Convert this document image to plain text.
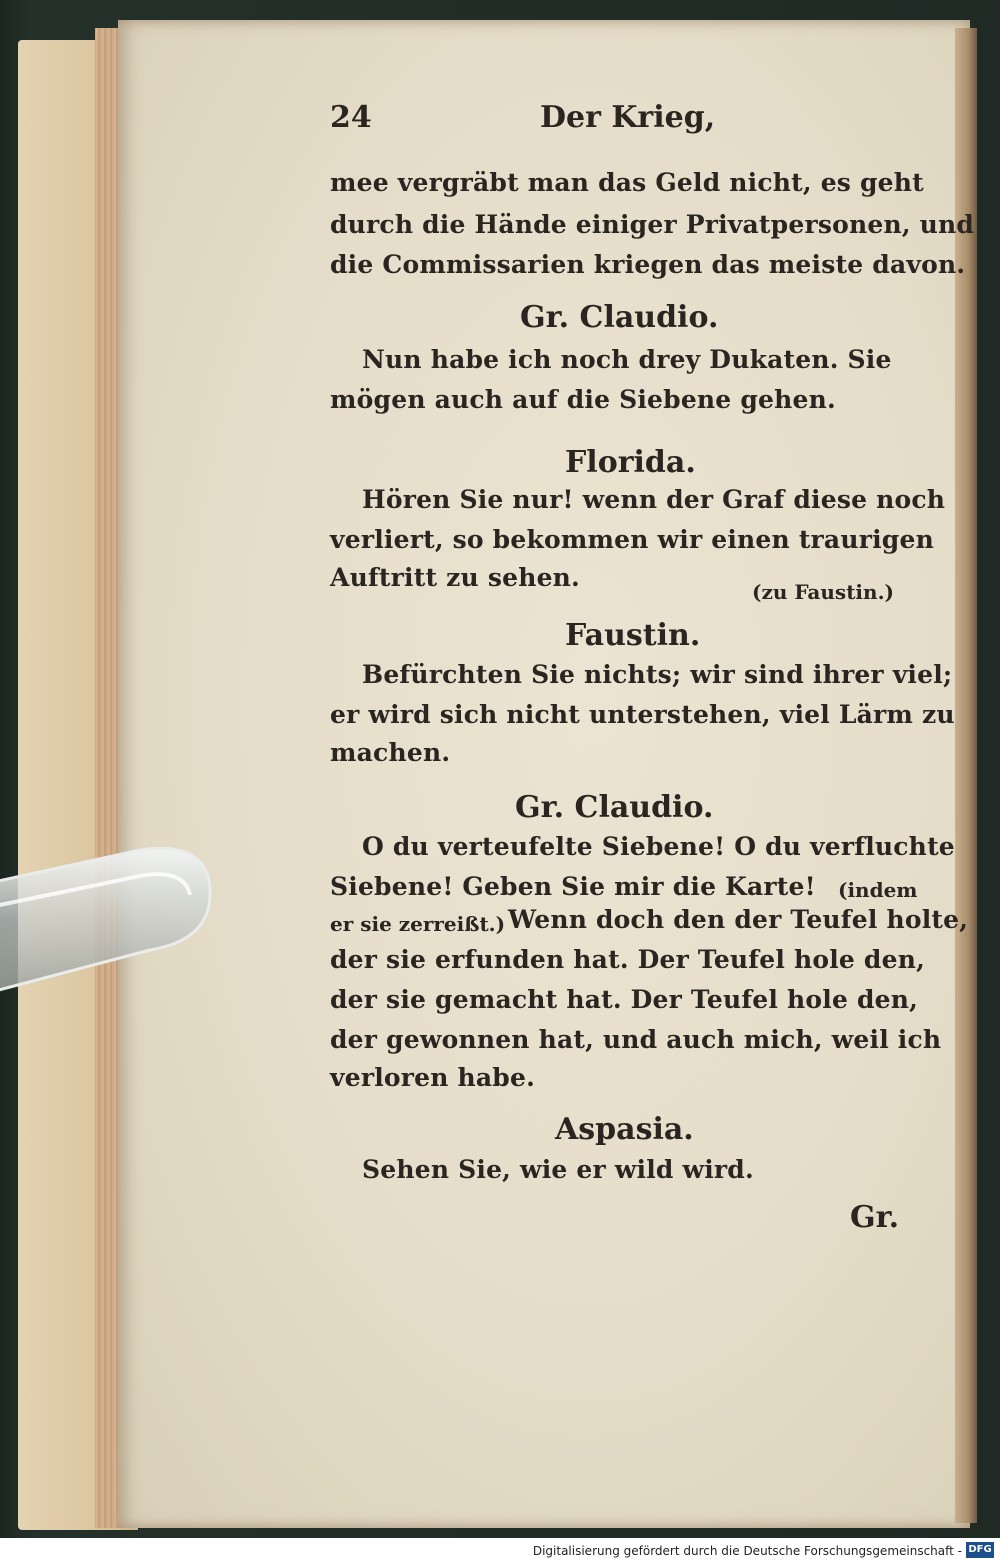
24	Der Krieg,
mee vergräbt man das Geld nicht, es geht
durch die Hände einiger Privatpersonen, und
die Commissarien kriegen das meiste davon.
Gr. Claudio.
Nun habe ich noch drey Dukaten. Sie
mögen auch auf die Siebene gehen.
Florida.
Hören Sie nur! wenn der Graf diese noch
verliert, so bekommen wir einen traurigen
Auftritt zu sehen.	(zu Faustin.)
Faustin.
Befürchten Sie nichts; wir sind ihrer viel;
er wird sich nicht unterstehen, viel Lärm zu
machen.
Gr. Claudio.
O du verteufelte Siebene! O du verfluchte
Siebene! Geben Sie mir die Karte! (indem
er sie zerreißt.) Wenn doch den der Teufel holte,
der sie erfunden hat. Der Teufel hole den,
der sie gemacht hat. Der Teufel hole den,
der gewonnen hat, und auch mich, weil ich
verloren habe.
Aspasia.
Sehen Sie, wie er wild wird.
Gr.
Digitalisierung gefördert durch die Deutsche Forschungsgemeinschaft - DFG
